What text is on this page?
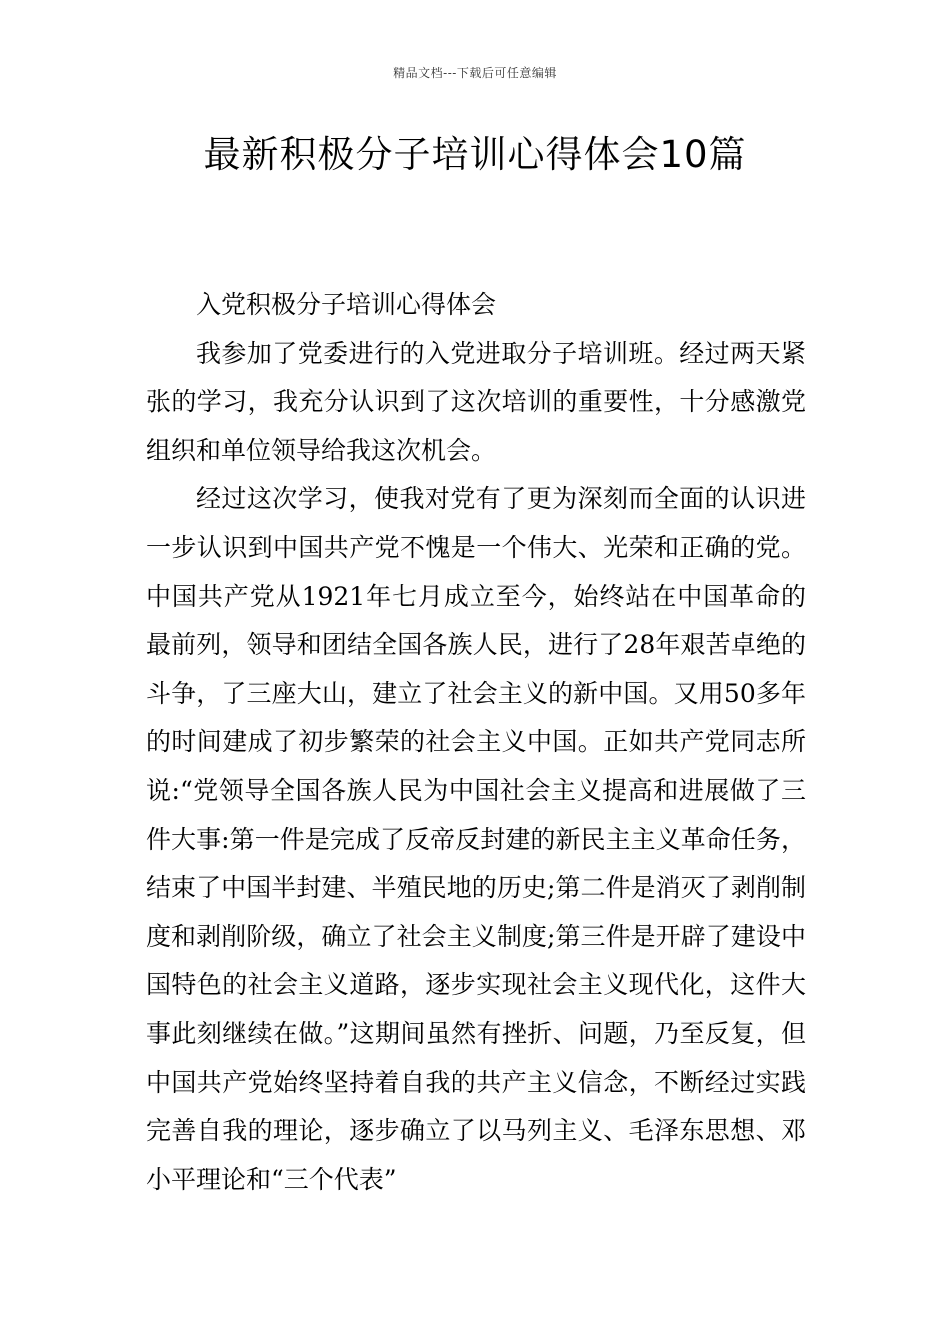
精品文档---下载后可任意编辑
最新积极分子培训心得体会10篇

入党积极分子培训心得体会

我参加了党委进行的入党进取分子培训班。经过两天紧张的学习，我充分认识到了这次培训的重要性，十分感激党组织和单位领导给我这次机会。

经过这次学习，使我对党有了更为深刻而全面的认识进一步认识到中国共产党不愧是一个伟大、光荣和正确的党。中国共产党从1921年七月成立至今，始终站在中国革命的最前列，领导和团结全国各族人民，进行了28年艰苦卓绝的斗争，了三座大山，建立了社会主义的新中国。又用50多年的时间建成了初步繁荣的社会主义中国。正如共产党同志所说:“党领导全国各族人民为中国社会主义提高和进展做了三件大事:第一件是完成了反帝反封建的新民主主义革命任务，结束了中国半封建、半殖民地的历史;第二件是消灭了剥削制度和剥削阶级，确立了社会主义制度;第三件是开辟了建设中国特色的社会主义道路，逐步实现社会主义现代化，这件大事此刻继续在做。”这期间虽然有挫折、问题，乃至反复，但中国共产党始终坚持着自我的共产主义信念，不断经过实践完善自我的理论，逐步确立了以马列主义、毛泽东思想、邓小平理论和“三个代表”
